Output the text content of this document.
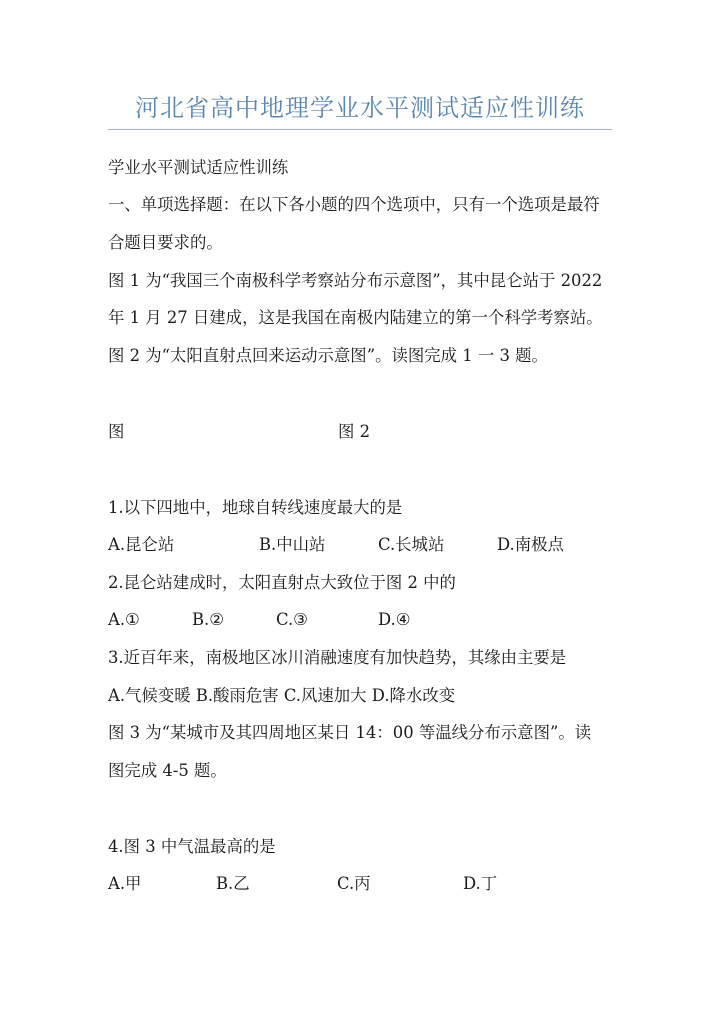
河北省高中地理学业水平测试适应性训练
学业水平测试适应性训练
一、单项选择题：在以下各小题的四个选项中，只有一个选项是最符
合题目要求的。
图 1 为“我国三个南极科学考察站分布示意图”，其中昆仑站于 2022
年 1 月 27 日建成，这是我国在南极内陆建立的第一个科学考察站。
图 2 为“太阳直射点回来运动示意图”。读图完成 1 一 3 题。
图	图 2
1.以下四地中，地球自转线速度最大的是
A.昆仑站	B.中山站	C.长城站	D.南极点
2.昆仑站建成时，太阳直射点大致位于图 2 中的
A.①	B.②	C.③	D.④
3.近百年来，南极地区冰川消融速度有加快趋势，其缘由主要是
A.气候变暖 B.酸雨危害 C.风速加大 D.降水改变
图 3 为“某城市及其四周地区某日 14：00 等温线分布示意图”。读
图完成 4-5 题。
4.图 3 中气温最高的是
A.甲	B.乙	C.丙	D.丁
